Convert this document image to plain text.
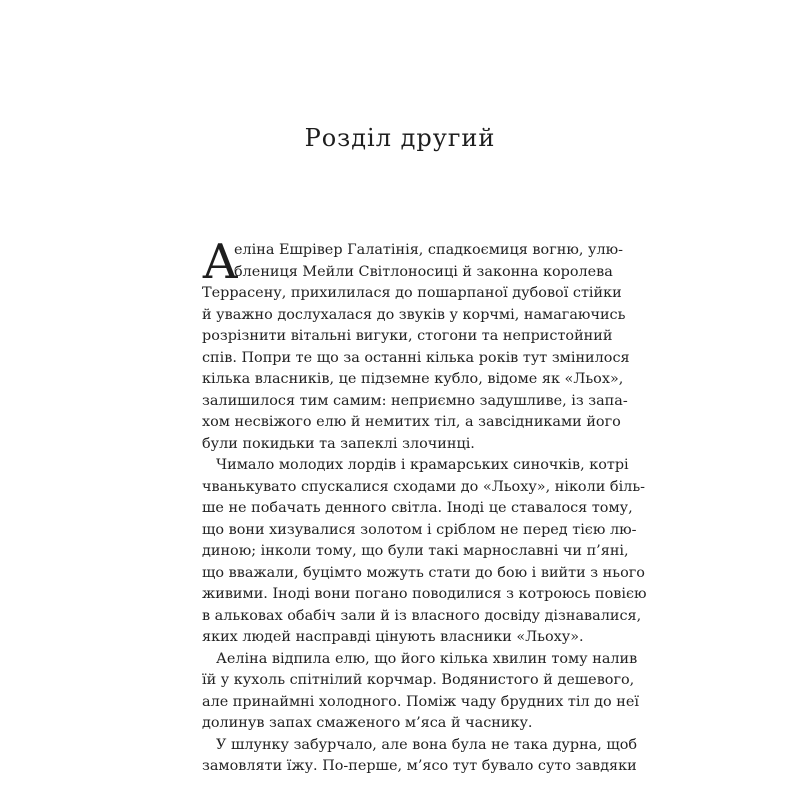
Розділ другий
А
еліна Ешрівер Галатінія, спадкоємиця вогню, улю-
блениця Мейли Світлоносиці й законна королева
Террасену, прихилилася до пошарпаної дубової стійки
й уважно дослухалася до звуків у корчмі, намагаючись
розрізнити вітальні вигуки, стогони та непристойний
спів. Попри те що за останні кілька років тут змінилося
кілька власників, це підземне кубло, відоме як «Льох»,
залишилося тим самим: неприємно задушливе, із запа-
хом несвіжого елю й немитих тіл, а завсідниками його
були покидьки та запеклі злочинці.
Чимало молодих лордів і крамарських синочків, котрі
чванькувато спускалися сходами до «Льоху», ніколи біль-
ше не побачать денного світла. Іноді це ставалося тому,
що вони хизувалися золотом і сріблом не перед тією лю-
диною; інколи тому, що були такі марнославні чи п’яні,
що вважали, буцімто можуть стати до бою і вийти з нього
живими. Іноді вони погано поводилися з котроюсь повією
в альковах обабіч зали й із власного досвіду дізнавалися,
яких людей насправді цінують власники «Льоху».
Аеліна відпила елю, що його кілька хвилин тому налив
їй у кухоль спітнілий корчмар. Водянистого й дешевого,
але принаймні холодного. Поміж чаду брудних тіл до неї
долинув запах смаженого м’яса й часнику.
У шлунку забурчало, але вона була не така дурна, щоб
замовляти їжу. По-перше, м’ясо тут бувало суто завдяки
